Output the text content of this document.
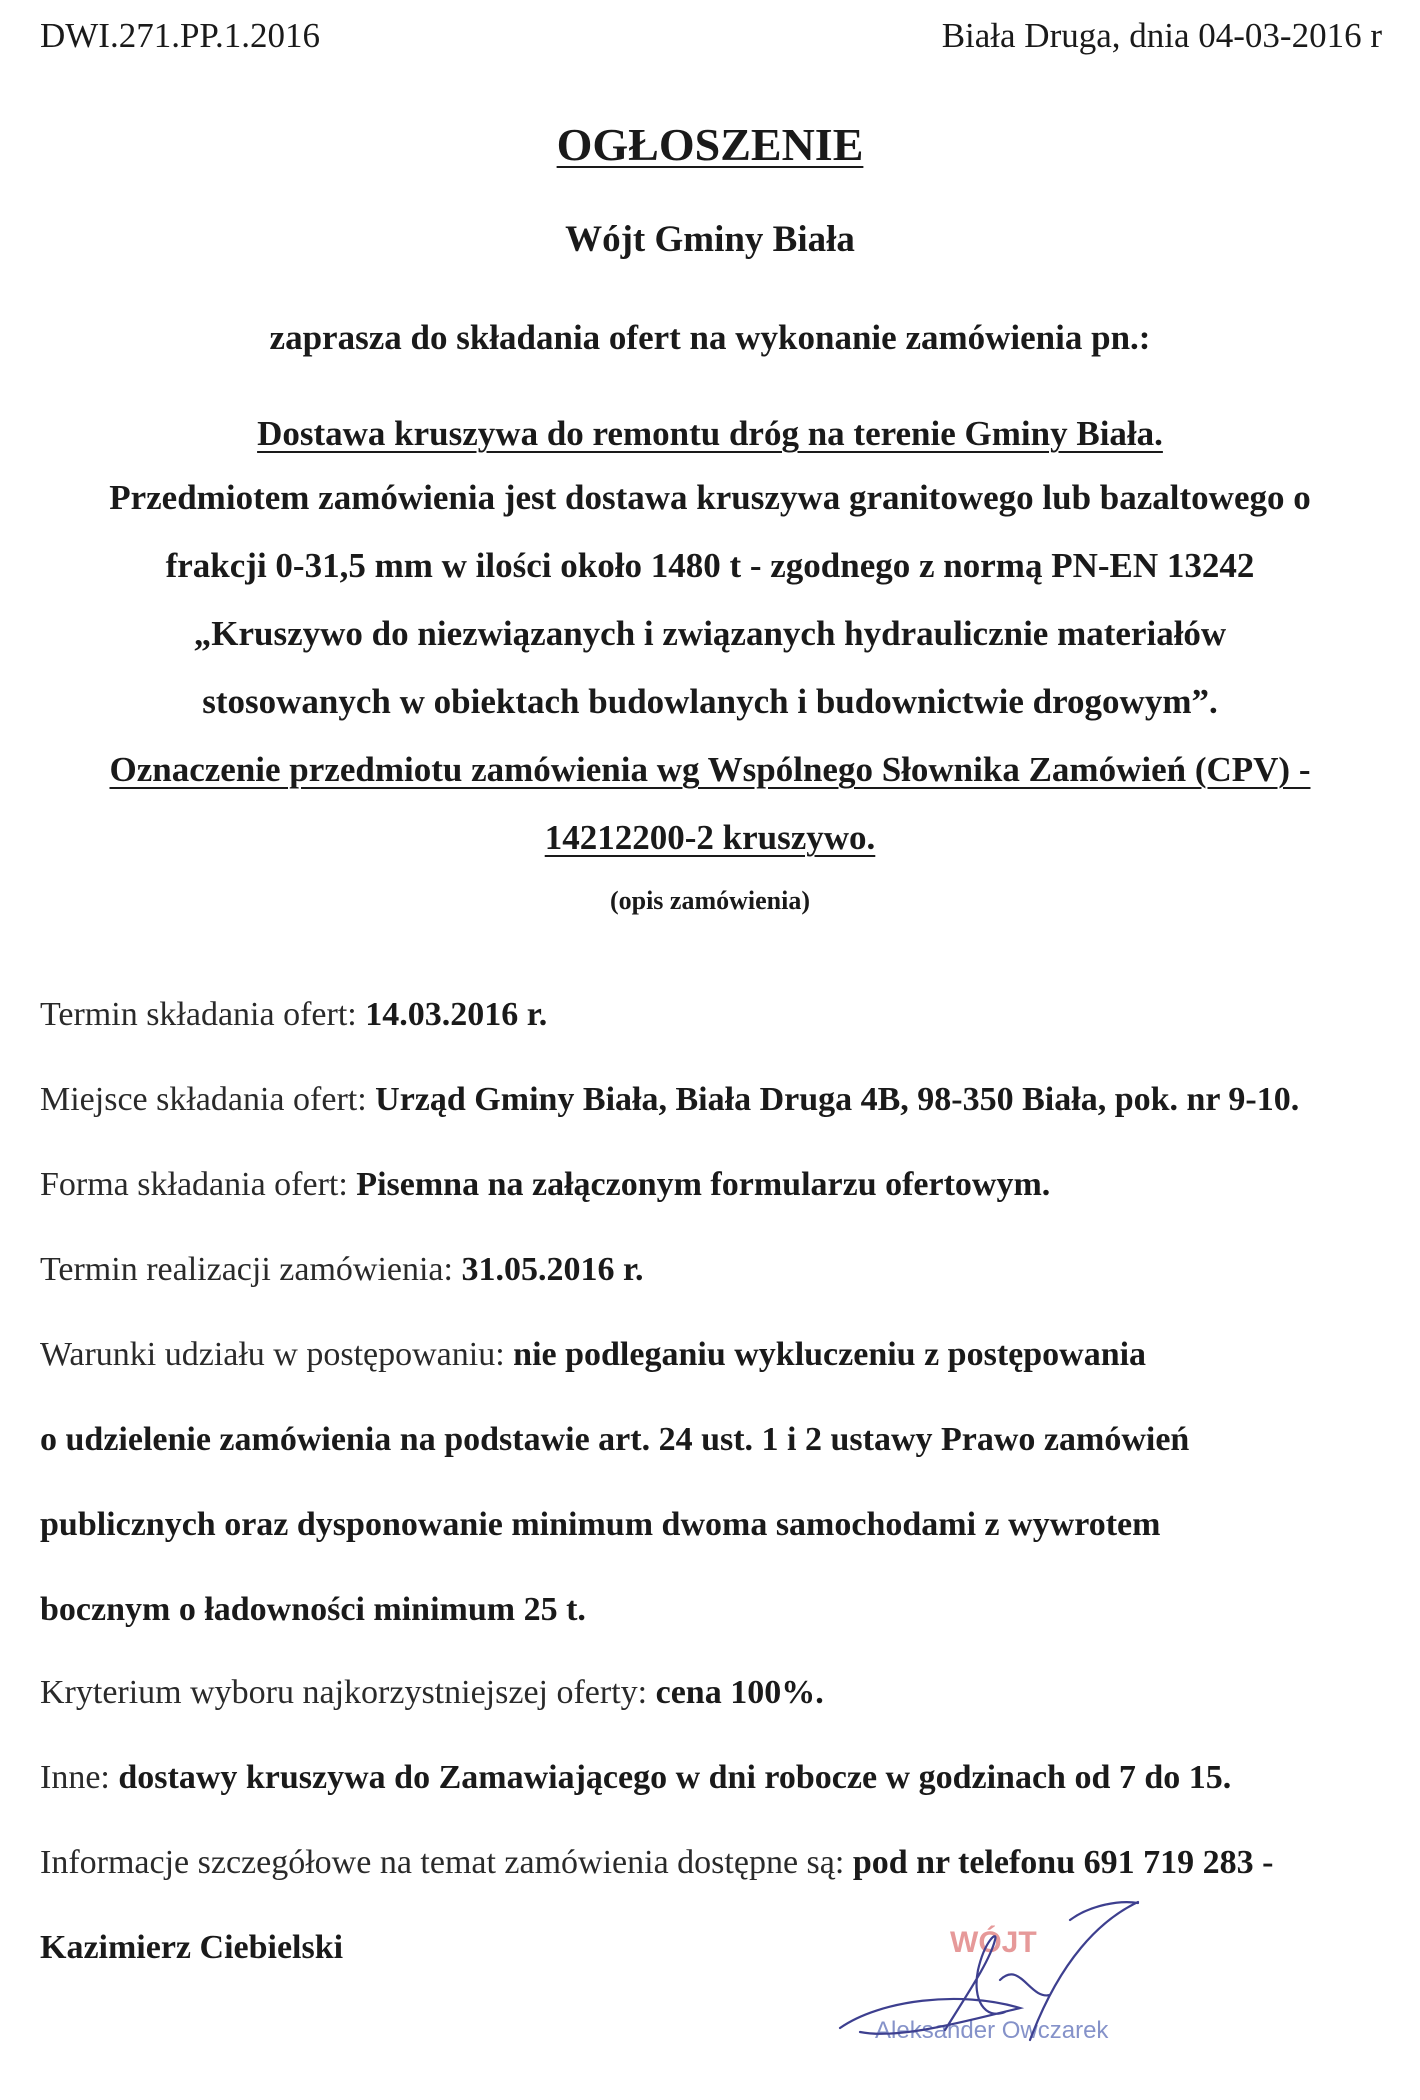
DWI.271.PP.1.2016	Biała Druga, dnia 04-03-2016 r
OGŁOSZENIE
Wójt Gminy Biała
zaprasza do składania ofert na wykonanie zamówienia pn.:
Dostawa kruszywa do remontu dróg na terenie Gminy Biała.
Przedmiotem zamówienia jest dostawa kruszywa granitowego lub bazaltowego o
frakcji 0-31,5 mm w ilości około 1480 t - zgodnego z normą PN-EN 13242
„Kruszywo do niezwiązanych i związanych hydraulicznie materiałów
stosowanych w obiektach budowlanych i budownictwie drogowym”.
Oznaczenie przedmiotu zamówienia wg Wspólnego Słownika Zamówień (CPV) -
14212200-2 kruszywo.
(opis zamówienia)
Termin składania ofert: 14.03.2016 r.
Miejsce składania ofert: Urząd Gminy Biała, Biała Druga 4B, 98-350 Biała, pok. nr 9-10.
Forma składania ofert: Pisemna na załączonym formularzu ofertowym.
Termin realizacji zamówienia: 31.05.2016 r.
Warunki udziału w postępowaniu: nie podleganiu wykluczeniu z postępowania
o udzielenie zamówienia na podstawie art. 24 ust. 1 i 2 ustawy Prawo zamówień
publicznych oraz dysponowanie minimum dwoma samochodami z wywrotem
bocznym o ładowności minimum 25 t.
Kryterium wyboru najkorzystniejszej oferty: cena 100%.
Inne: dostawy kruszywa do Zamawiającego w dni robocze w godzinach od 7 do 15.
Informacje szczegółowe na temat zamówienia dostępne są: pod nr telefonu 691 719 283 -
Kazimierz Ciebielski	WÓJT
Aleksander Owczarek
